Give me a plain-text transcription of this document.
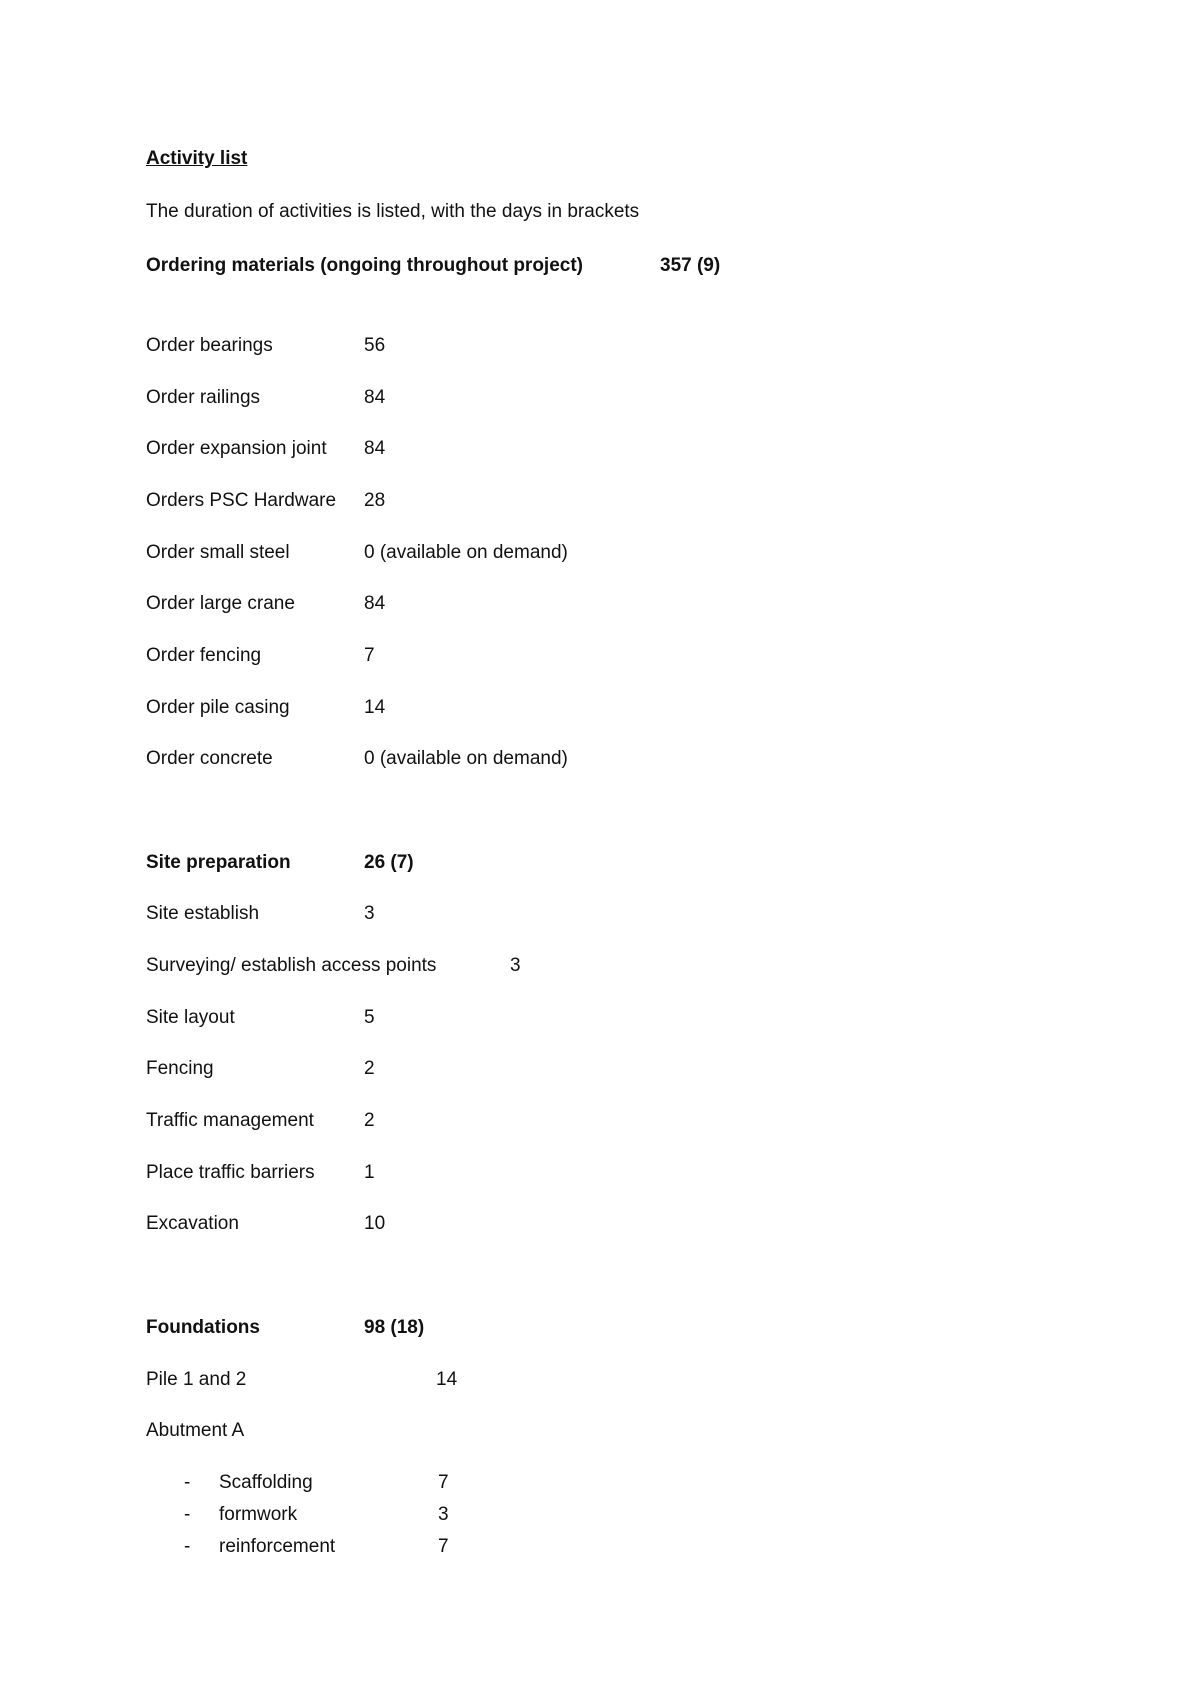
Activity list
The duration of activities is listed, with the days in brackets
Ordering materials (ongoing throughout project)	357 (9)
Order bearings	56
Order railings	84
Order expansion joint 84
Orders PSC Hardware 28
Order small steel	0 (available on demand)
Order large crane	84
Order fencing	7
Order pile casing	14
Order concrete	0 (available on demand)
Site preparation	26 (7)
Site establish	3
Surveying/ establish access points	3
Site layout	5
Fencing	2
Traffic management	2
Place traffic barriers	1
Excavation	10
Foundations	98 (18)
Pile 1 and 2	14
Abutment A
- Scaffolding	7
- formwork	3
- reinforcement	7
